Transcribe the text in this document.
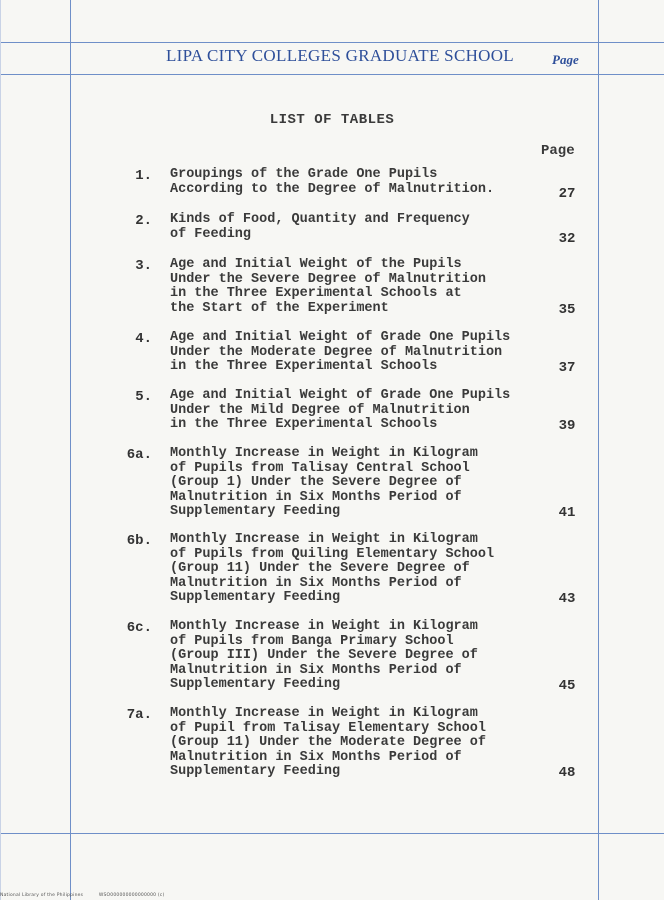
LIPA CITY COLLEGES GRADUATE SCHOOL	Page
LIST OF TABLES
Page
1. Groupings of the Grade One Pupils
According to the Degree of Malnutrition.	27
2. Kinds of Food, Quantity and Frequency
of Feeding	32
3. Age and Initial Weight of the Pupils
Under the Severe Degree of Malnutrition
in the Three Experimental Schools at
the Start of the Experiment	35
4. Age and Initial Weight of Grade One Pupils
Under the Moderate Degree of Malnutrition
in the Three Experimental Schools	37
5. Age and Initial Weight of Grade One Pupils
Under the Mild Degree of Malnutrition
in the Three Experimental Schools	39
6a. Monthly Increase in Weight in Kilogram
of Pupils from Talisay Central School
(Group 1) Under the Severe Degree of
Malnutrition in Six Months Period of
Supplementary Feeding	41
6b. Monthly Increase in Weight in Kilogram
of Pupils from Quiling Elementary School
(Group 11) Under the Severe Degree of
Malnutrition in Six Months Period of
Supplementary Feeding	43
6c. Monthly Increase in Weight in Kilogram
of Pupils from Banga Primary School
(Group III) Under the Severe Degree of
Malnutrition in Six Months Period of
Supplementary Feeding	45
7a. Monthly Increase in Weight in Kilogram
of Pupil from Talisay Elementary School
(Group 11) Under the Moderate Degree of
Malnutrition in Six Months Period of
Supplementary Feeding	48
National Library of the Philippines	WSO000000000000000 (c)
